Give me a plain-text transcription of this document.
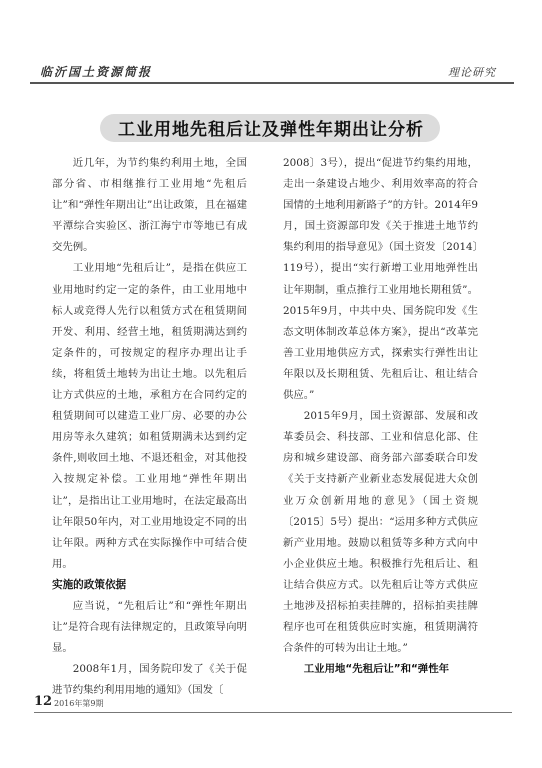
临沂国土资源简报	理论研究
工业用地先租后让及弹性年期出让分析

近几年，为节约集约利用土地，全国部分省、市相继推行工业用地“先租后让”和“弹性年期出让”出让政策，且在福建平潭综合实验区、浙江海宁市等地已有成交先例。

工业用地“先租后让”，是指在供应工业用地时约定一定的条件，由工业用地中标人或竞得人先行以租赁方式在租赁期间开发、利用、经营土地，租赁期满达到约定条件的，可按规定的程序办理出让手续，将租赁土地转为出让土地。以先租后让方式供应的土地，承租方在合同约定的租赁期间可以建造工业厂房、必要的办公用房等永久建筑；如租赁期满未达到约定条件,则收回土地、不退还租金，对其他投入按规定补偿。工业用地“弹性年期出让”，是指出让工业用地时，在法定最高出让年限50年内，对工业用地设定不同的出让年限。两种方式在实际操作中可结合使用。

实施的政策依据

应当说，“先租后让”和“弹性年期出让”是符合现有法律规定的，且政策导向明显。

2008年1月，国务院印发了《关于促进节约集约利用用地的通知》（国发〔

2008〕3号），提出“促进节约集约用地，走出一条建设占地少、利用效率高的符合国情的土地利用新路子”的方针。2014年9月，国土资源部印发《关于推进土地节约集约利用的指导意见》（国土资发〔2014〕119号），提出“实行新增工业用地弹性出让年期制，重点推行工业用地长期租赁”。2015年9月，中共中央、国务院印发《生态文明体制改革总体方案》，提出“改革完善工业用地供应方式，探索实行弹性出让年限以及长期租赁、先租后让、租让结合供应。”

2015年9月，国土资源部、发展和改革委员会、科技部、工业和信息化部、住房和城乡建设部、商务部六部委联合印发《关于支持新产业新业态发展促进大众创业万众创新用地的意见》（国土资规〔2015〕5号）提出：“运用多种方式供应新产业用地。鼓励以租赁等多种方式向中小企业供应土地。积极推行先租后让、租让结合供应方式。以先租后让等方式供应土地涉及招标拍卖挂牌的，招标拍卖挂牌程序也可在租赁供应时实施，租赁期满符合条件的可转为出让土地。”

工业用地“先租后让”和“弹性年

12 2016年第9期
